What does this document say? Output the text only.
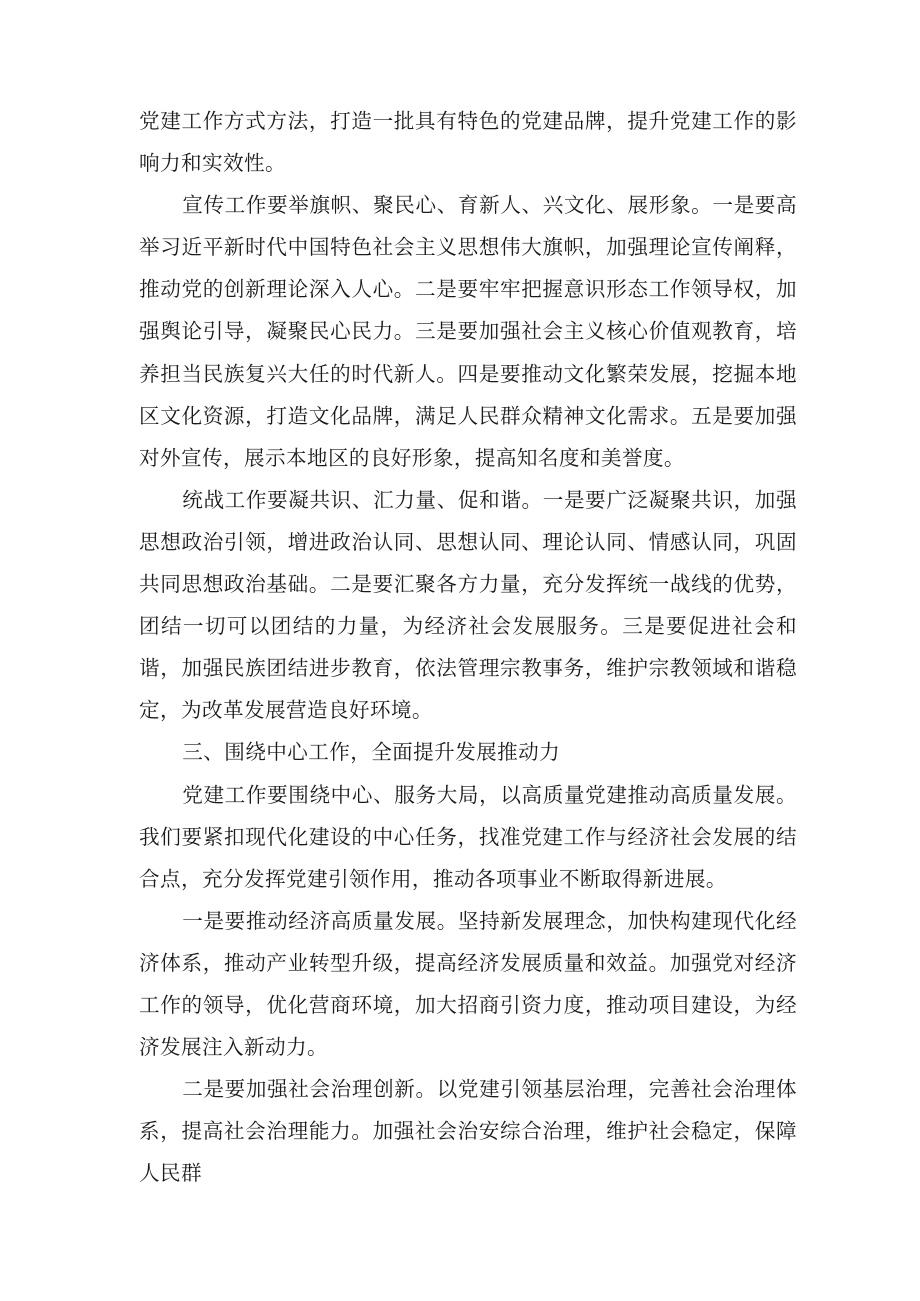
党建工作方式方法，打造一批具有特色的党建品牌，提升党建工作的影响力和实效性。

宣传工作要举旗帜、聚民心、育新人、兴文化、展形象。一是要高举习近平新时代中国特色社会主义思想伟大旗帜，加强理论宣传阐释，推动党的创新理论深入人心。二是要牢牢把握意识形态工作领导权，加强舆论引导，凝聚民心民力。三是要加强社会主义核心价值观教育，培养担当民族复兴大任的时代新人。四是要推动文化繁荣发展，挖掘本地区文化资源，打造文化品牌，满足人民群众精神文化需求。五是要加强对外宣传，展示本地区的良好形象，提高知名度和美誉度。

统战工作要凝共识、汇力量、促和谐。一是要广泛凝聚共识，加强思想政治引领，增进政治认同、思想认同、理论认同、情感认同，巩固共同思想政治基础。二是要汇聚各方力量，充分发挥统一战线的优势，团结一切可以团结的力量，为经济社会发展服务。三是要促进社会和谐，加强民族团结进步教育，依法管理宗教事务，维护宗教领域和谐稳定，为改革发展营造良好环境。

三、围绕中心工作，全面提升发展推动力

党建工作要围绕中心、服务大局，以高质量党建推动高质量发展。我们要紧扣现代化建设的中心任务，找准党建工作与经济社会发展的结合点，充分发挥党建引领作用，推动各项事业不断取得新进展。

一是要推动经济高质量发展。坚持新发展理念，加快构建现代化经济体系，推动产业转型升级，提高经济发展质量和效益。加强党对经济工作的领导，优化营商环境，加大招商引资力度，推动项目建设，为经济发展注入新动力。

二是要加强社会治理创新。以党建引领基层治理，完善社会治理体系，提高社会治理能力。加强社会治安综合治理，维护社会稳定，保障人民群
